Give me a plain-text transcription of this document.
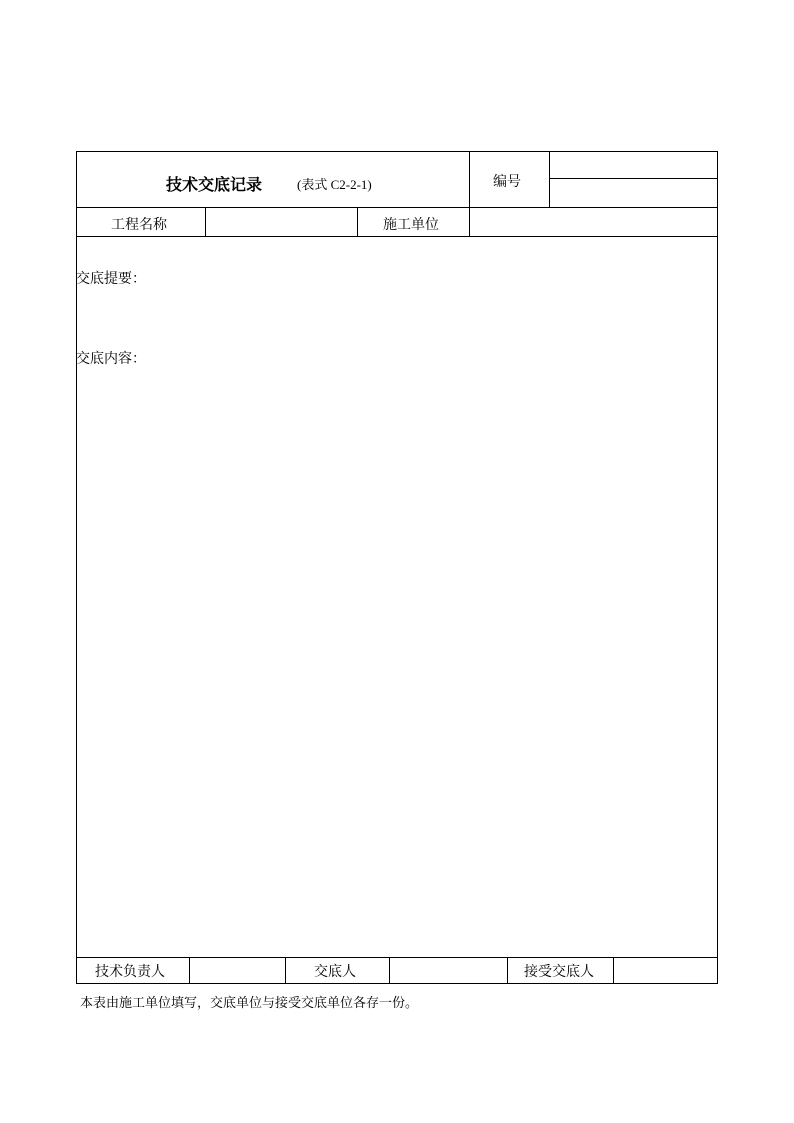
技术交底记录	(表式 C2-2-1)	编号
工程名称	施工单位
交底提要：
交底内容：
技术负责人	交底人	接受交底人
本表由施工单位填写，交底单位与接受交底单位各存一份。
